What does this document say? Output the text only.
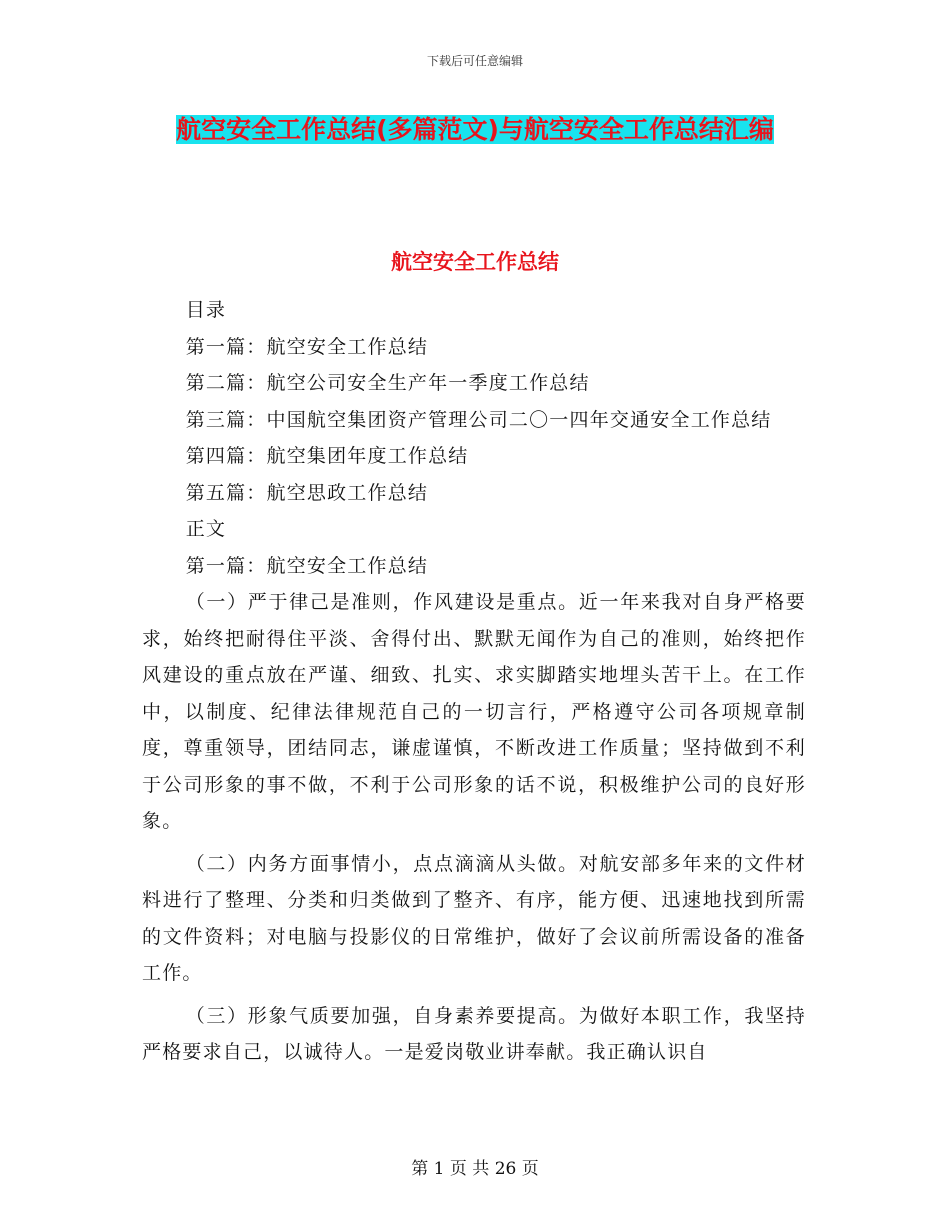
下载后可任意编辑
航空安全工作总结(多篇范文)与航空安全工作总结汇编
航空安全工作总结

目录

第一篇：航空安全工作总结

第二篇：航空公司安全生产年一季度工作总结

第三篇：中国航空集团资产管理公司二〇一四年交通安全工作总结

第四篇：航空集团年度工作总结

第五篇：航空思政工作总结

正文

第一篇：航空安全工作总结

（一）严于律己是准则，作风建设是重点。近一年来我对自身严格要求，始终把耐得住平淡、舍得付出、默默无闻作为自己的准则，始终把作风建设的重点放在严谨、细致、扎实、求实脚踏实地埋头苦干上。在工作中，以制度、纪律法律规范自己的一切言行，严格遵守公司各项规章制度，尊重领导，团结同志，谦虚谨慎，不断改进工作质量；坚持做到不利于公司形象的事不做，不利于公司形象的话不说，积极维护公司的良好形象。

（二）内务方面事情小，点点滴滴从头做。对航安部多年来的文件材料进行了整理、分类和归类做到了整齐、有序，能方便、迅速地找到所需的文件资料；对电脑与投影仪的日常维护，做好了会议前所需设备的准备工作。

（三）形象气质要加强，自身素养要提高。为做好本职工作，我坚持严格要求自己，以诚待人。一是爱岗敬业讲奉献。我正确认识自

第 1 页 共 26 页
